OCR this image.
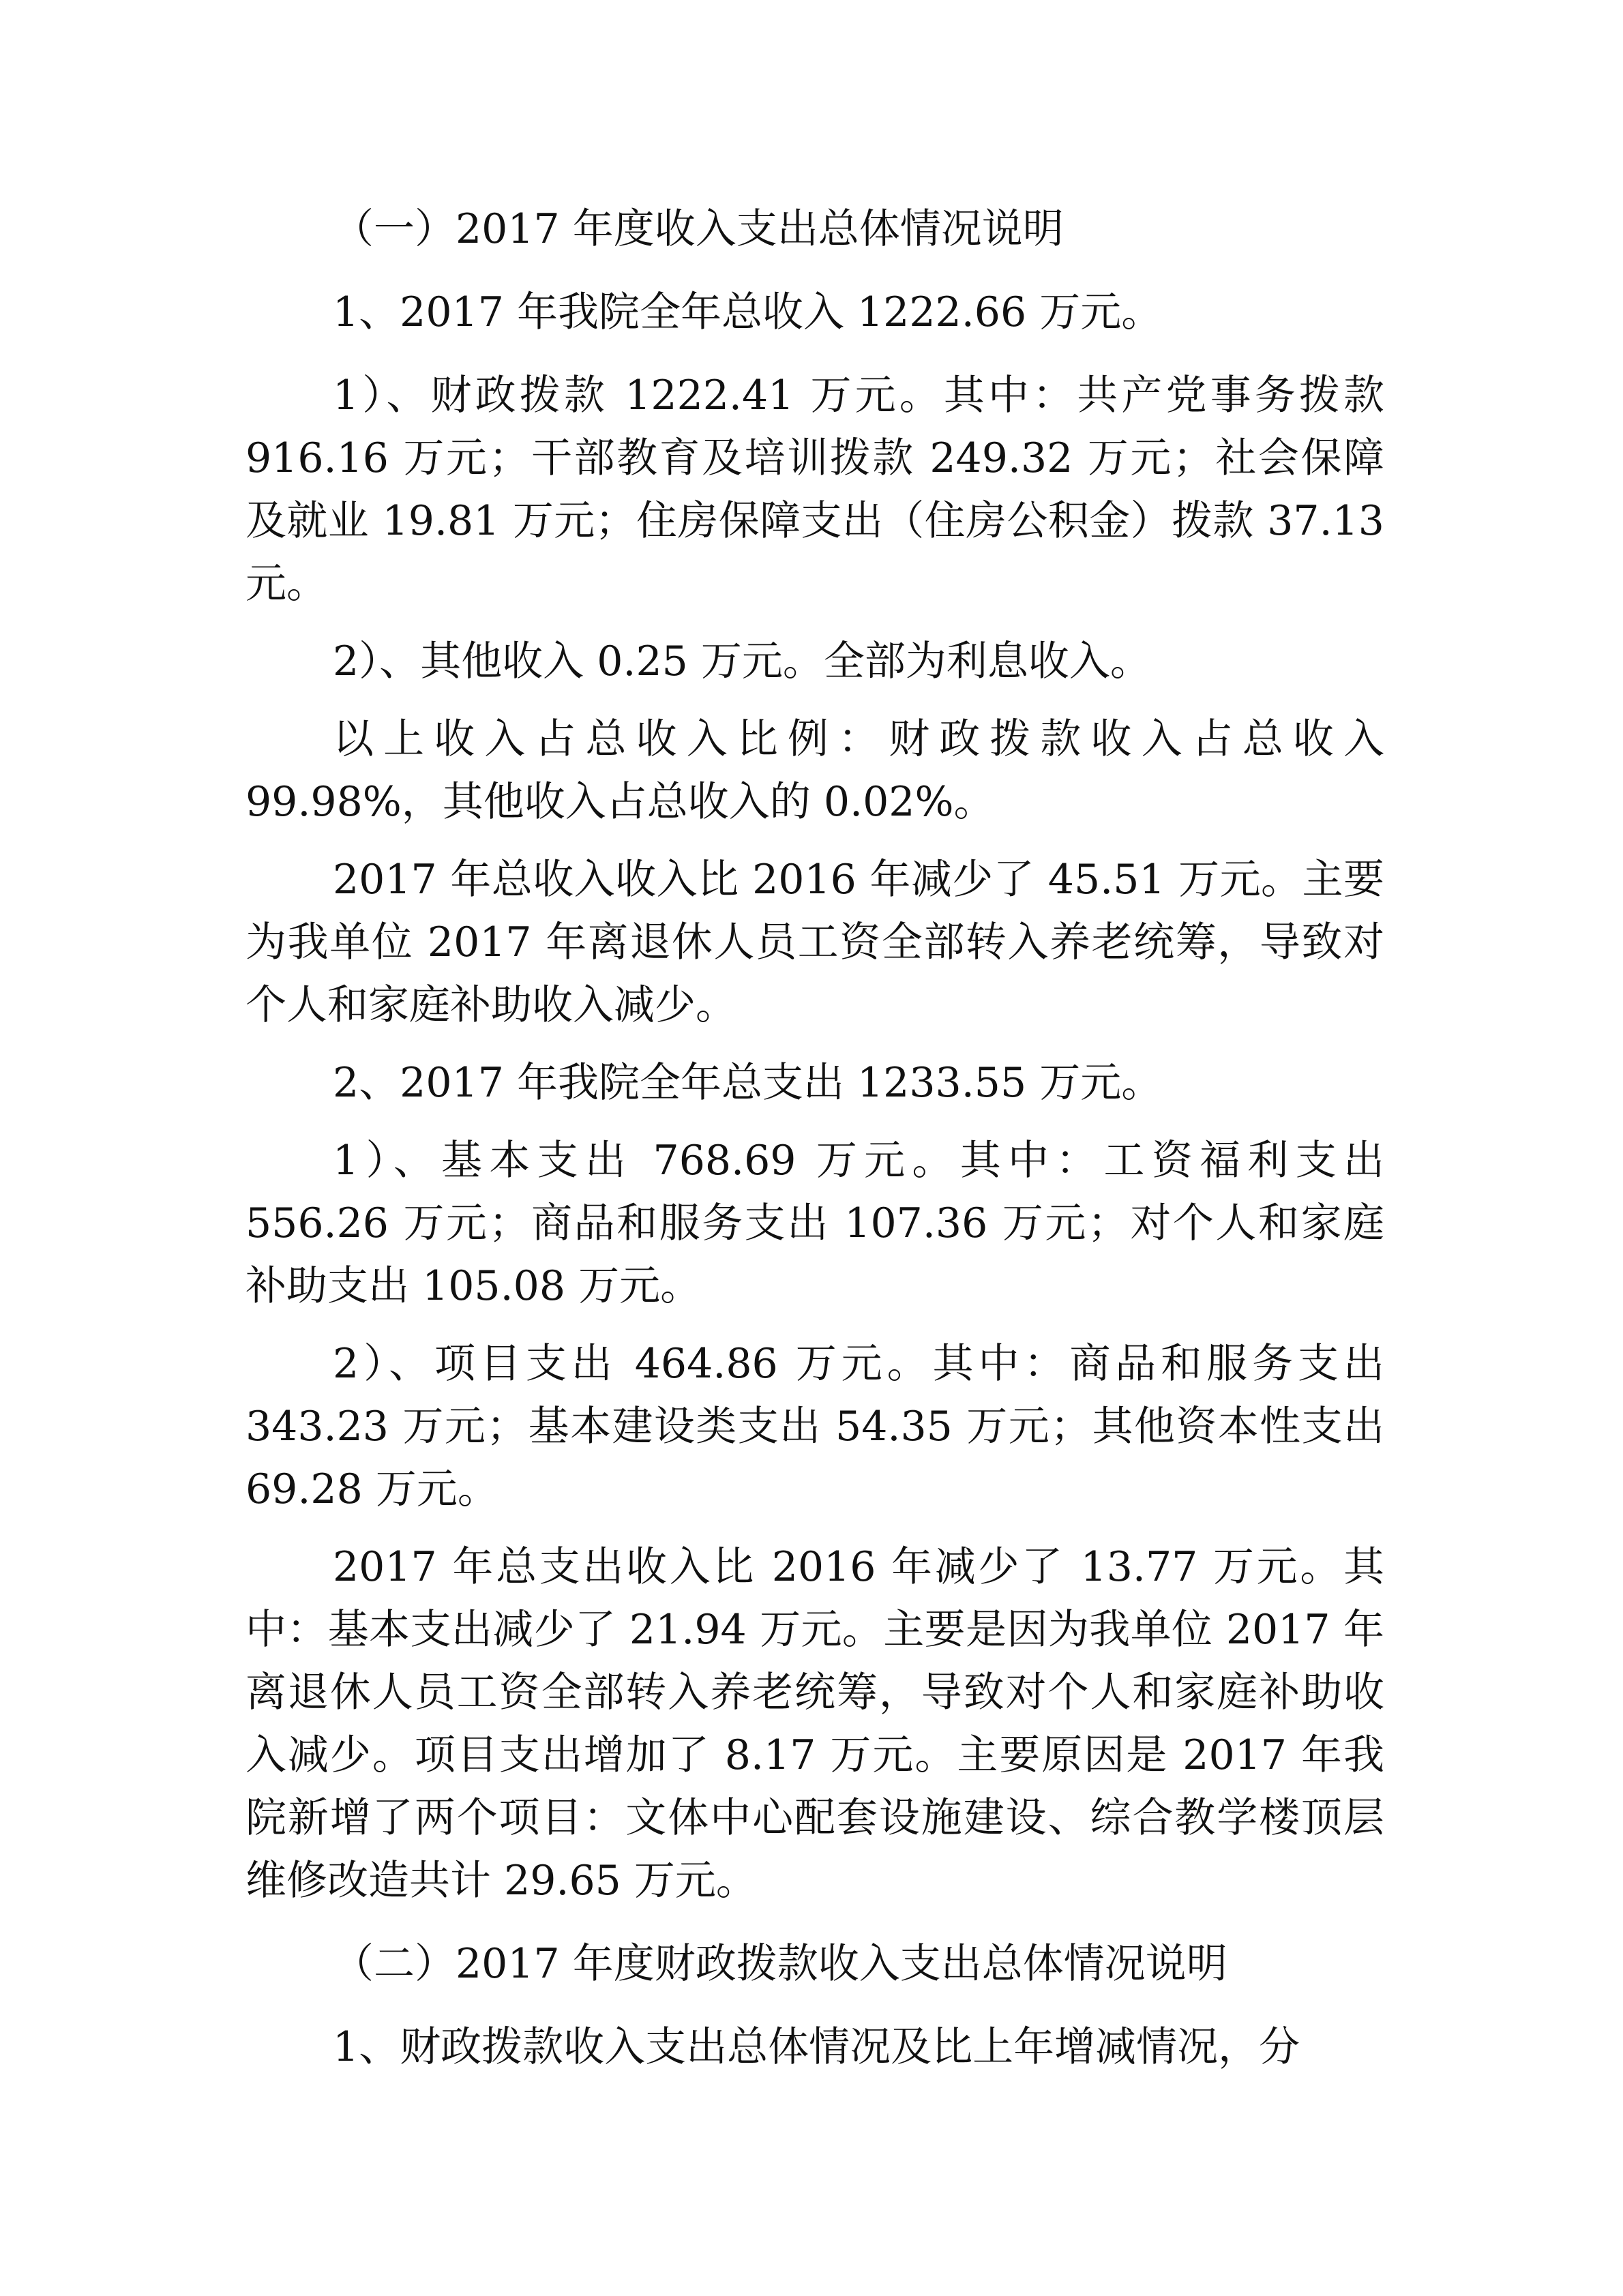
（一）2017 年度收入支出总体情况说明

1、2017 年我院全年总收入 1222.66 万元。

1）、财政拨款 1222.41 万元。其中：共产党事务拨款 916.16 万元；干部教育及培训拨款 249.32 万元；社会保障及就业 19.81 万元；住房保障支出（住房公积金）拨款 37.13 元。

2）、其他收入 0.25 万元。全部为利息收入。

以上收入占总收入比例：财政拨款收入占总收入 99.98%，其他收入占总收入的 0.02%。

2017 年总收入收入比 2016 年减少了 45.51 万元。主要为我单位 2017 年离退休人员工资全部转入养老统筹，导致对个人和家庭补助收入减少。

2、2017 年我院全年总支出 1233.55 万元。

1）、基本支出 768.69 万元。其中：工资福利支出 556.26 万元；商品和服务支出 107.36 万元；对个人和家庭补助支出 105.08 万元。

2）、项目支出 464.86 万元。其中：商品和服务支出 343.23 万元；基本建设类支出 54.35 万元；其他资本性支出 69.28 万元。

2017 年总支出收入比 2016 年减少了 13.77 万元。其中：基本支出减少了 21.94 万元。主要是因为我单位 2017 年离退休人员工资全部转入养老统筹，导致对个人和家庭补助收入减少。项目支出增加了 8.17 万元。主要原因是 2017 年我院新增了两个项目：文体中心配套设施建设、综合教学楼顶层维修改造共计 29.65 万元。

（二）2017 年度财政拨款收入支出总体情况说明

1、财政拨款收入支出总体情况及比上年增减情况，分
